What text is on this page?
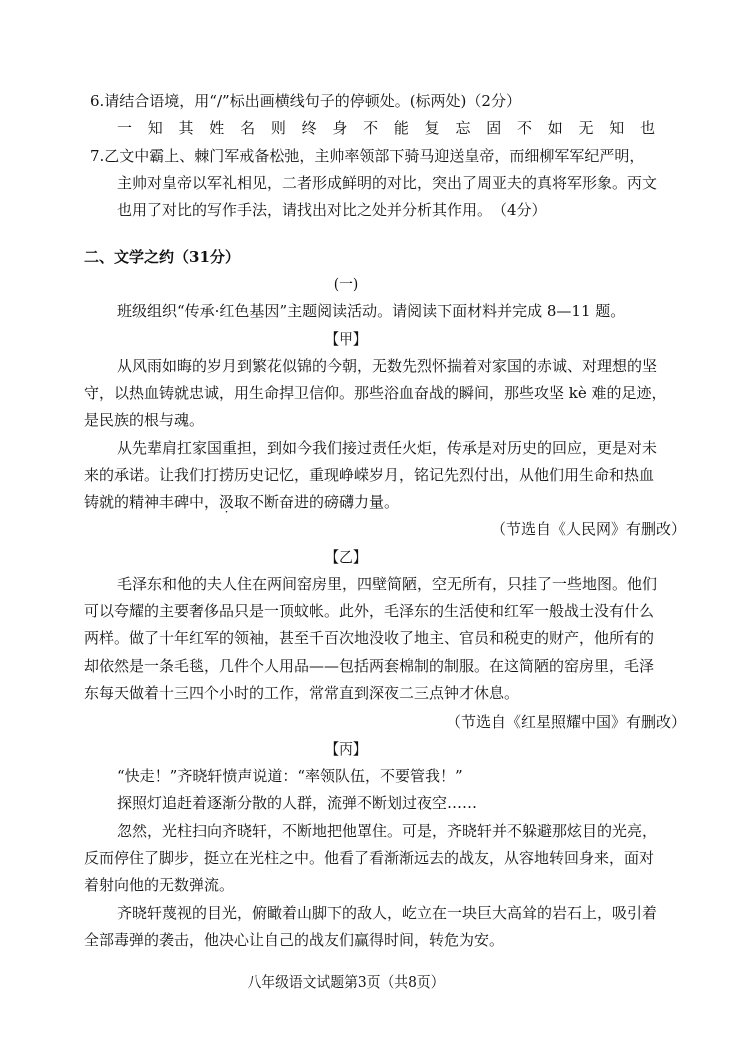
6.请结合语境，用“/”标出画横线句子的停顿处。(标两处)（2分）
一 知 其 姓 名 则 终 身 不 能 复 忘 固 不 如 无 知 也
7.乙文中霸上、棘门军戒备松弛，主帅率领部下骑马迎送皇帝，而细柳军军纪严明，
主帅对皇帝以军礼相见，二者形成鲜明的对比，突出了周亚夫的真将军形象。丙文
也用了对比的写作手法，请找出对比之处并分析其作用。　（4分）
二、文学之约（31分）
(一)
班级组织“传承·红色基因”主题阅读活动。请阅读下面材料并完成 8—11 题。
【甲】
从风雨如晦的岁月到繁花似锦的今朝，无数先烈怀揣着对家国的赤诚、对理想的坚
守，以热血铸就忠诚，用生命捍卫信仰。那些浴血奋战的瞬间，那些攻坚 kè 难的足迹，
是民族的根与魂。
从先辈肩扛家国重担，到如今我们接过责任火炬，传承是对历史的回应，更是对未
来的承诺。让我们打捞历史记忆，重现峥嵘岁月，铭记先烈付出，从他们用生命和热血
铸就的精神丰碑中，汲取不断奋进的磅礴力量。
（节选自《人民网》有删改）
【乙】
毛泽东和他的夫人住在两间窑房里，四壁简陋，空无所有，只挂了一些地图。他们
可以夸耀的主要奢侈品只是一顶蚊帐。此外，毛泽东的生活使和红军一般战士没有什么
两样。做了十年红军的领袖，甚至千百次地没收了地主、官员和税吏的财产，他所有的
却依然是一条毛毯，几件个人用品——包括两套棉制的制服。在这简陋的窑房里，毛泽
东每天做着十三四个小时的工作，常常直到深夜二三点钟才休息。
（节选自《红星照耀中国》有删改）
【丙】
“快走！”齐晓轩愤声说道：“率领队伍，不要管我！”
探照灯追赶着逐渐分散的人群，流弹不断划过夜空……
忽然，光柱扫向齐晓轩，不断地把他罩住。可是，齐晓轩并不躲避那炫目的光亮，
反而停住了脚步，挺立在光柱之中。他看了看渐渐远去的战友，从容地转回身来，面对
着射向他的无数弹流。
齐晓轩蔑视的目光，俯瞰着山脚下的敌人，屹立在一块巨大高耸的岩石上，吸引着
全部毒弹的袭击，他决心让自己的战友们赢得时间，转危为安。
八年级语文试题第3页（共8页）
